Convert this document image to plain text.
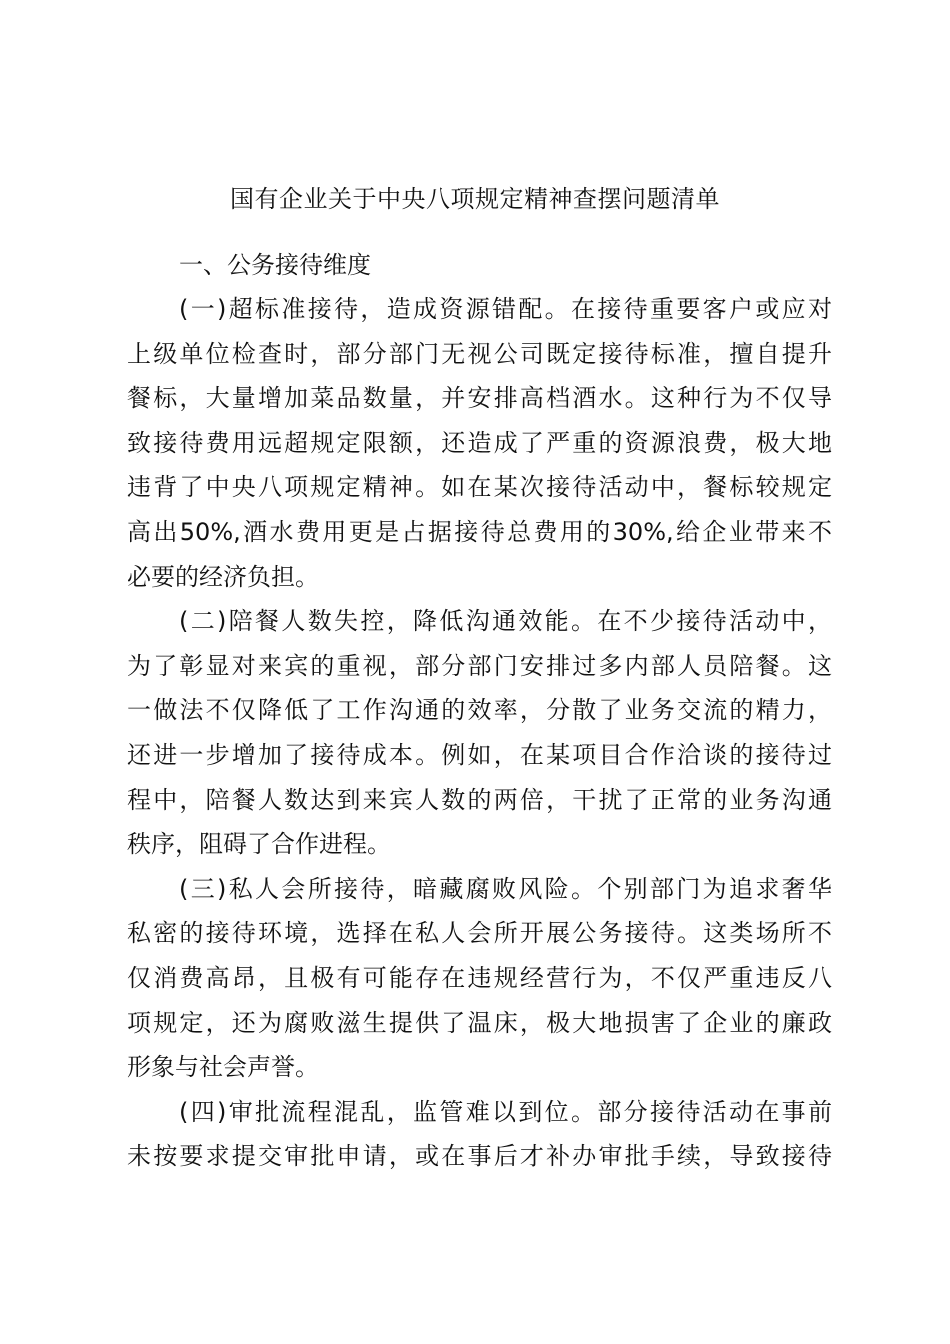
国有企业关于中央八项规定精神查摆问题清单

一、公务接待维度

(一)超标准接待，造成资源错配。在接待重要客户或应对
上级单位检查时，部分部门无视公司既定接待标准，擅自提升
餐标，大量增加菜品数量，并安排高档酒水。这种行为不仅导
致接待费用远超规定限额，还造成了严重的资源浪费，极大地
违背了中央八项规定精神。如在某次接待活动中，餐标较规定
高出50%,酒水费用更是占据接待总费用的30%,给企业带来不
必要的经济负担。
(二)陪餐人数失控，降低沟通效能。在不少接待活动中，
为了彰显对来宾的重视，部分部门安排过多内部人员陪餐。这
一做法不仅降低了工作沟通的效率，分散了业务交流的精力，
还进一步增加了接待成本。例如，在某项目合作洽谈的接待过
程中，陪餐人数达到来宾人数的两倍，干扰了正常的业务沟通
秩序，阻碍了合作进程。
(三)私人会所接待，暗藏腐败风险。个别部门为追求奢华
私密的接待环境，选择在私人会所开展公务接待。这类场所不
仅消费高昂，且极有可能存在违规经营行为，不仅严重违反八
项规定，还为腐败滋生提供了温床，极大地损害了企业的廉政
形象与社会声誉。
(四)审批流程混乱，监管难以到位。部分接待活动在事前
未按要求提交审批申请，或在事后才补办审批手续，导致接待
